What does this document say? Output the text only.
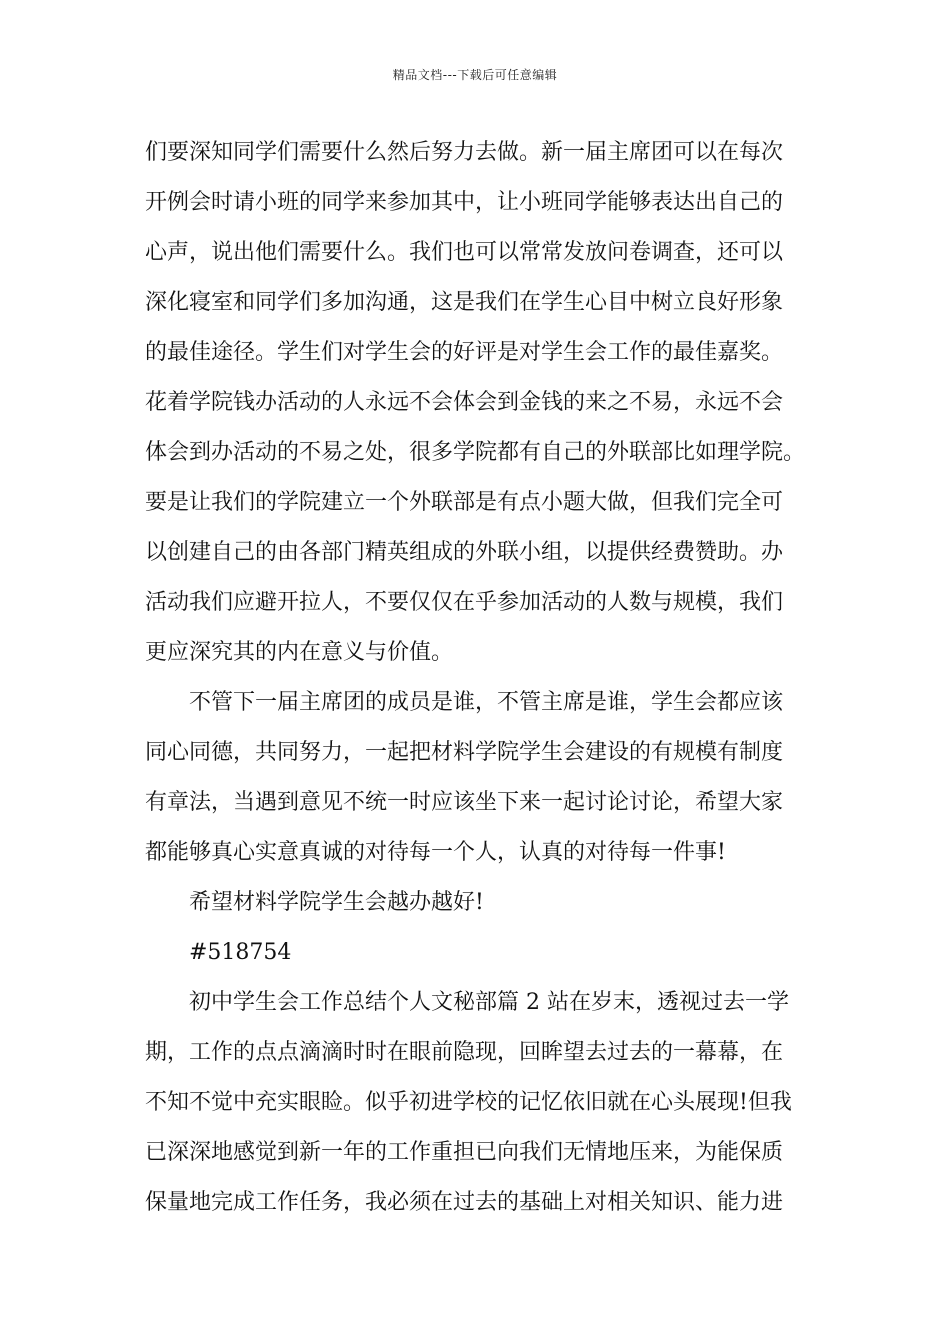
精品文档---下载后可任意编辑
们要深知同学们需要什么然后努力去做。新一届主席团可以在每次
开例会时请小班的同学来参加其中，让小班同学能够表达出自己的
心声，说出他们需要什么。我们也可以常常发放问卷调查，还可以
深化寝室和同学们多加沟通，这是我们在学生心目中树立良好形象
的最佳途径。学生们对学生会的好评是对学生会工作的最佳嘉奖。
花着学院钱办活动的人永远不会体会到金钱的来之不易，永远不会
体会到办活动的不易之处，很多学院都有自己的外联部比如理学院。
要是让我们的学院建立一个外联部是有点小题大做，但我们完全可
以创建自己的由各部门精英组成的外联小组，以提供经费赞助。办
活动我们应避开拉人，不要仅仅在乎参加活动的人数与规模，我们
更应深究其的内在意义与价值。
不管下一届主席团的成员是谁，不管主席是谁，学生会都应该
同心同德，共同努力，一起把材料学院学生会建设的有规模有制度
有章法，当遇到意见不统一时应该坐下来一起讨论讨论，希望大家
都能够真心实意真诚的对待每一个人，认真的对待每一件事!
希望材料学院学生会越办越好!
#518754
初中学生会工作总结个人文秘部篇 2 站在岁末，透视过去一学
期，工作的点点滴滴时时在眼前隐现，回眸望去过去的一幕幕，在
不知不觉中充实眼睑。似乎初进学校的记忆依旧就在心头展现!但我
已深深地感觉到新一年的工作重担已向我们无情地压来，为能保质
保量地完成工作任务，我必须在过去的基础上对相关知识、能力进
